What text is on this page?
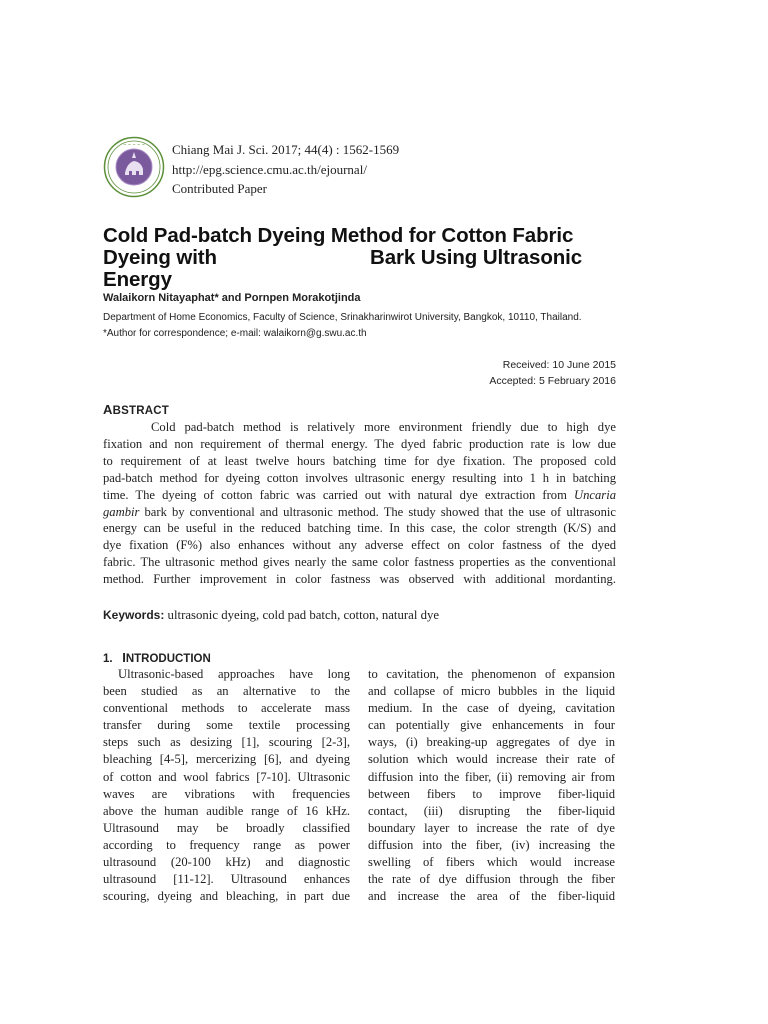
~ ~ ~ ~ ~ Chiang Mai J. Sci. 2017; 44(4) : 1562-1569
http://epg.science.cmu.ac.th/ejournal/
Contributed Paper
Cold Pad-batch Dyeing Method for Cotton Fabric
Dyeing with	Bark Using Ultrasonic
Energy
Walaikorn Nitayaphat* and Pornpen Morakotjinda
Department of Home Economics, Faculty of Science, Srinakharinwirot University, Bangkok, 10110, Thailand.
*Author for correspondence; e-mail: walaikorn@g.swu.ac.th
Received: 10 June 2015
Accepted: 5 February 2016
ABSTRACT
Cold pad-batch method is relatively more environment friendly due to high dye
fixation and non requirement of thermal energy. The dyed fabric production rate is low due
to requirement of at least twelve hours batching time for dye fixation. The proposed cold
pad-batch method for dyeing cotton involves ultrasonic energy resulting into 1 h in batching
time. The dyeing of cotton fabric was carried out with natural dye extraction from Uncaria
gambir bark by conventional and ultrasonic method. The study showed that the use of ultrasonic
energy can be useful in the reduced batching time. In this case, the color strength (K/S) and
dye fixation (F%) also enhances without any adverse effect on color fastness of the dyed
fabric. The ultrasonic method gives nearly the same color fastness properties as the conventional
method. Further improvement in color fastness was observed with additional mordanting.
Keywords: ultrasonic dyeing, cold pad batch, cotton, natural dye
1. INTRODUCTION
Ultrasonic-based approaches have long
been studied as an alternative to the
conventional methods to accelerate mass
transfer during some textile processing
steps such as desizing [1], scouring [2-3],
bleaching [4-5], mercerizing [6], and dyeing
of cotton and wool fabrics [7-10]. Ultrasonic
waves are vibrations with frequencies
above the human audible range of 16 kHz.
Ultrasound may be broadly classified
according to frequency range as power
ultrasound (20-100 kHz) and diagnostic
ultrasound [11-12]. Ultrasound enhances
scouring, dyeing and bleaching, in part due
to cavitation, the phenomenon of expansion
and collapse of micro bubbles in the liquid
medium. In the case of dyeing, cavitation
can potentially give enhancements in four
ways, (i) breaking-up aggregates of dye in
solution which would increase their rate of
diffusion into the fiber, (ii) removing air from
between fibers to improve fiber-liquid
contact, (iii) disrupting the fiber-liquid
boundary layer to increase the rate of dye
diffusion into the fiber, (iv) increasing the
swelling of fibers which would increase
the rate of dye diffusion through the fiber
and increase the area of the fiber-liquid
